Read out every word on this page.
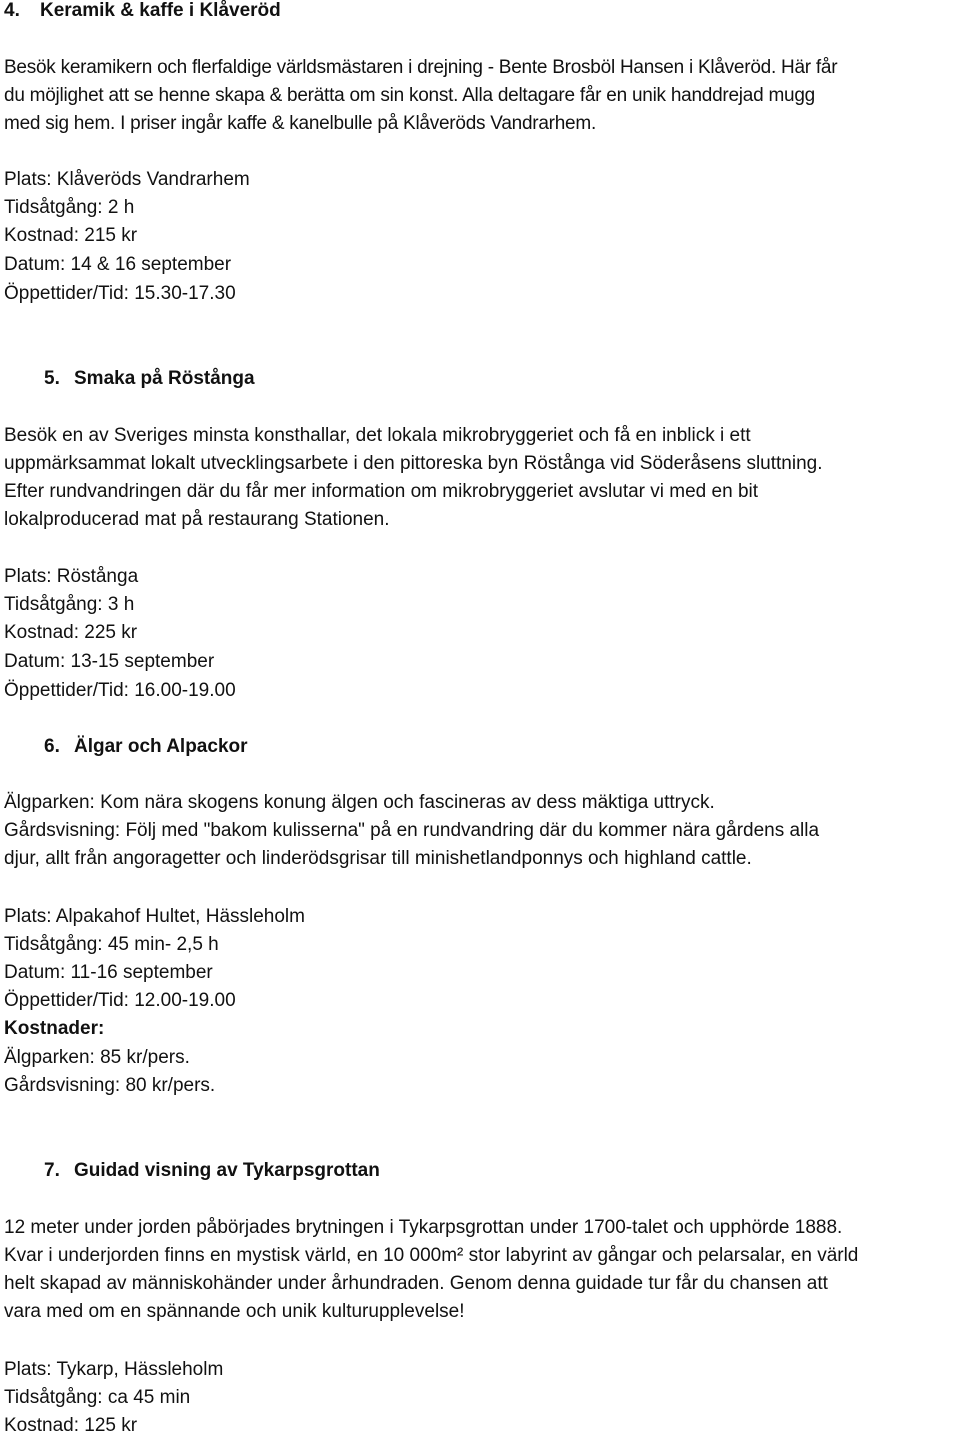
4. Keramik & kaffe i Klåveröd

Besök keramikern och flerfaldige världsmästaren i drejning - Bente Brosböl Hansen i Klåveröd. Här får

du möjlighet att se henne skapa & berätta om sin konst. Alla deltagare får en unik handdrejad mugg

med sig hem. I priser ingår kaffe & kanelbulle på Klåveröds Vandrarhem.

Plats: Klåveröds Vandrarhem

Tidsåtgång: 2 h

Kostnad: 215 kr

Datum: 14 & 16 september

Öppettider/Tid: 15.30-17.30

5. Smaka på Röstånga

Besök en av Sveriges minsta konsthallar, det lokala mikrobryggeriet och få en inblick i ett

uppmärksammat lokalt utvecklingsarbete i den pittoreska byn Röstånga vid Söderåsens sluttning.

Efter rundvandringen där du får mer information om mikrobryggeriet avslutar vi med en bit

lokalproducerad mat på restaurang Stationen.

Plats: Röstånga

Tidsåtgång: 3 h

Kostnad: 225 kr

Datum: 13-15 september

Öppettider/Tid: 16.00-19.00

6. Älgar och Alpackor

Älgparken: Kom nära skogens konung älgen och fascineras av dess mäktiga uttryck.

Gårdsvisning: Följ med "bakom kulisserna" på en rundvandring där du kommer nära gårdens alla

djur, allt från angoragetter och linderödsgrisar till minishetlandponnys och highland cattle.

Plats: Alpakahof Hultet, Hässleholm

Tidsåtgång: 45 min- 2,5 h

Datum: 11-16 september

Öppettider/Tid: 12.00-19.00

Kostnader:

Älgparken: 85 kr/pers.

Gårdsvisning: 80 kr/pers.

7. Guidad visning av Tykarpsgrottan

12 meter under jorden påbörjades brytningen i Tykarpsgrottan under 1700-talet och upphörde 1888.

Kvar i underjorden finns en mystisk värld, en 10 000m² stor labyrint av gångar och pelarsalar, en värld

helt skapad av människohänder under århundraden. Genom denna guidade tur får du chansen att

vara med om en spännande och unik kulturupplevelse!

Plats: Tykarp, Hässleholm

Tidsåtgång: ca 45 min

Kostnad: 125 kr
